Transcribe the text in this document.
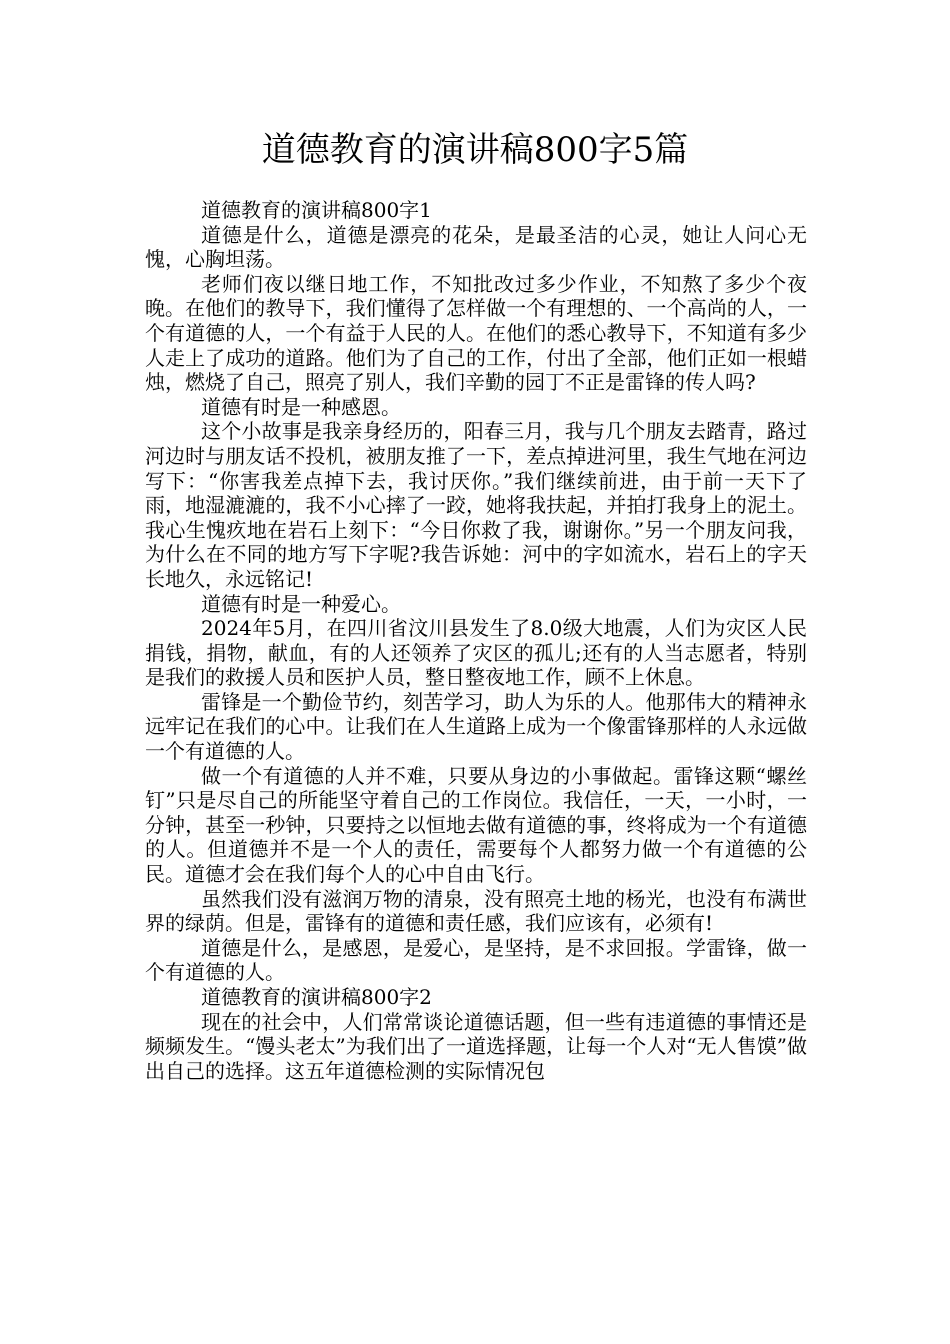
道德教育的演讲稿800字5篇

道德教育的演讲稿800字1

道德是什么，道德是漂亮的花朵，是最圣洁的心灵，她让人问心无愧，心胸坦荡。

老师们夜以继日地工作，不知批改过多少作业，不知熬了多少个夜晚。在他们的教导下，我们懂得了怎样做一个有理想的、一个高尚的人，一个有道德的人，一个有益于人民的人。在他们的悉心教导下，不知道有多少人走上了成功的道路。他们为了自己的工作，付出了全部，他们正如一根蜡烛，燃烧了自己，照亮了别人，我们辛勤的园丁不正是雷锋的传人吗?

道德有时是一种感恩。

这个小故事是我亲身经历的，阳春三月，我与几个朋友去踏青，路过河边时与朋友话不投机，被朋友推了一下，差点掉进河里，我生气地在河边写下：“你害我差点掉下去，我讨厌你。”我们继续前进，由于前一天下了雨，地湿漉漉的，我不小心摔了一跤，她将我扶起，并拍打我身上的泥土。我心生愧疚地在岩石上刻下：“今日你救了我，谢谢你。”另一个朋友问我，为什么在不同的地方写下字呢?我告诉她：河中的字如流水，岩石上的字天长地久，永远铭记!

道德有时是一种爱心。

2024年5月，在四川省汶川县发生了8.0级大地震，人们为灾区人民捐钱，捐物，献血，有的人还领养了灾区的孤儿;还有的人当志愿者，特别是我们的救援人员和医护人员，整日整夜地工作，顾不上休息。

雷锋是一个勤俭节约，刻苦学习，助人为乐的人。他那伟大的精神永远牢记在我们的心中。让我们在人生道路上成为一个像雷锋那样的人永远做一个有道德的人。

做一个有道德的人并不难，只要从身边的小事做起。雷锋这颗“螺丝钉”只是尽自己的所能坚守着自己的工作岗位。我信任，一天，一小时，一分钟，甚至一秒钟，只要持之以恒地去做有道德的事，终将成为一个有道德的人。但道德并不是一个人的责任，需要每个人都努力做一个有道德的公民。道德才会在我们每个人的心中自由飞行。

虽然我们没有滋润万物的清泉，没有照亮土地的杨光，也没有布满世界的绿荫。但是，雷锋有的道德和责任感，我们应该有，必须有!

道德是什么，是感恩，是爱心，是坚持，是不求回报。学雷锋，做一个有道德的人。

道德教育的演讲稿800字2

现在的社会中，人们常常谈论道德话题，但一些有违道德的事情还是频频发生。“馒头老太”为我们出了一道选择题，让每一个人对“无人售馍”做出自己的选择。这五年道德检测的实际情况包
